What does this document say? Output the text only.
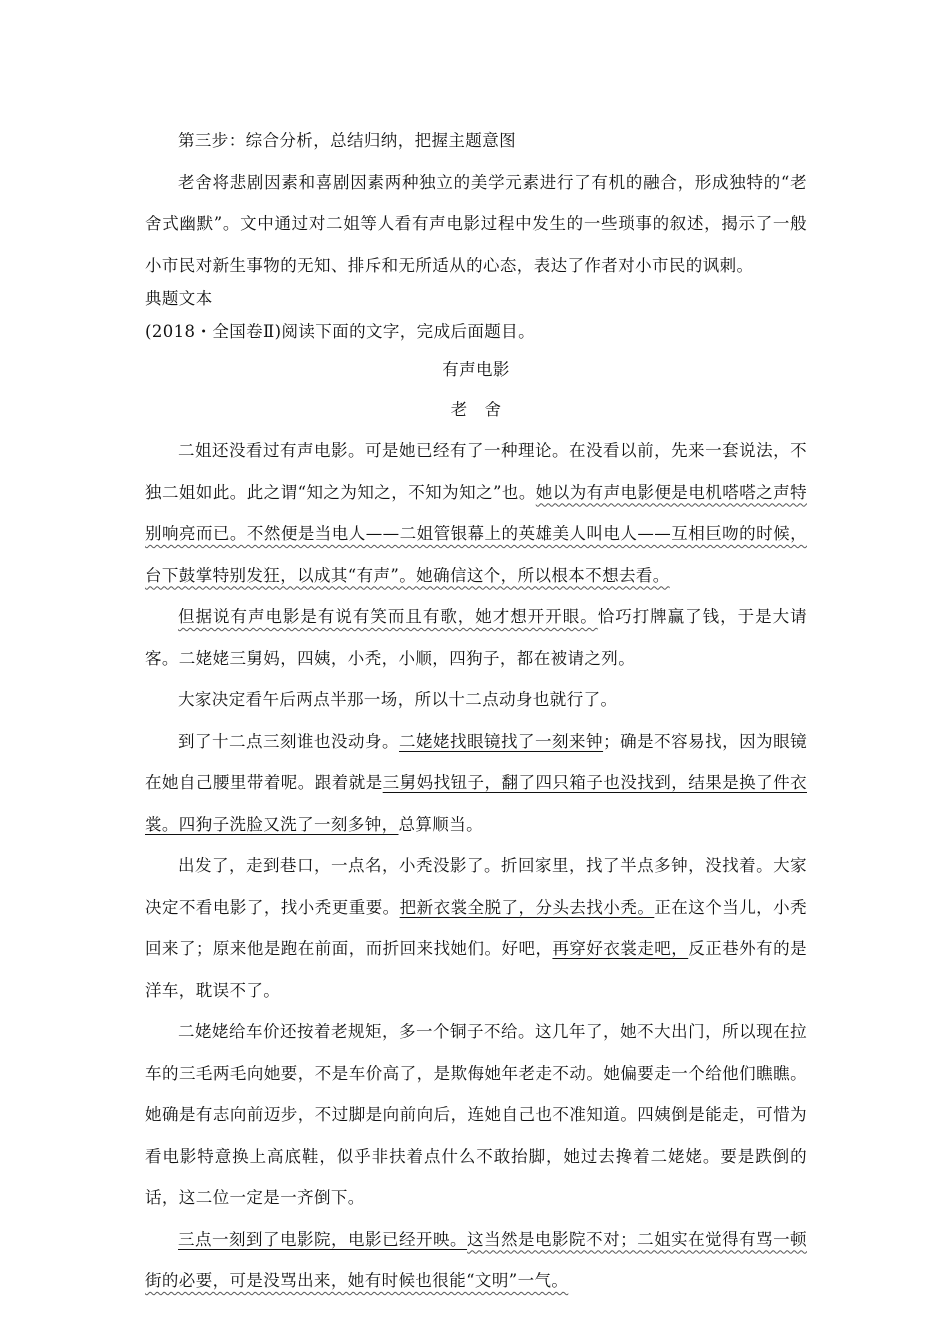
第三步：综合分析，总结归纳，把握主题意图

老舍将悲剧因素和喜剧因素两种独立的美学元素进行了有机的融合，形成独特的“老舍式幽默”。文中通过对二姐等人看有声电影过程中发生的一些琐事的叙述，揭示了一般小市民对新生事物的无知、排斥和无所适从的心态，表达了作者对小市民的讽刺。

典题文本

(2018・全国卷Ⅱ)阅读下面的文字，完成后面题目。

有声电影

老　舍

二姐还没看过有声电影。可是她已经有了一种理论。在没看以前，先来一套说法，不独二姐如此。此之谓“知之为知之，不知为知之”也。她以为有声电影便是电机嗒嗒之声特别响亮而已。不然便是当电人——二姐管银幕上的英雄美人叫电人——互相巨吻的时候，台下鼓掌特别发狂，以成其“有声”。她确信这个，所以根本不想去看。

但据说有声电影是有说有笑而且有歌，她才想开开眼。恰巧打牌赢了钱，于是大请客。二姥姥三舅妈，四姨，小秃，小顺，四狗子，都在被请之列。

大家决定看午后两点半那一场，所以十二点动身也就行了。

到了十二点三刻谁也没动身。二姥姥找眼镜找了一刻来钟；确是不容易找，因为眼镜在她自己腰里带着呢。跟着就是三舅妈找钮子，翻了四只箱子也没找到，结果是换了件衣裳。四狗子洗脸又洗了一刻多钟，总算顺当。

出发了，走到巷口，一点名，小秃没影了。折回家里，找了半点多钟，没找着。大家决定不看电影了，找小秃更重要。把新衣裳全脱了，分头去找小秃。正在这个当儿，小秃回来了；原来他是跑在前面，而折回来找她们。好吧，再穿好衣裳走吧，反正巷外有的是洋车，耽误不了。

二姥姥给车价还按着老规矩，多一个铜子不给。这几年了，她不大出门，所以现在拉车的三毛两毛向她要，不是车价高了，是欺侮她年老走不动。她偏要走一个给他们瞧瞧。她确是有志向前迈步，不过脚是向前向后，连她自己也不准知道。四姨倒是能走，可惜为看电影特意换上高底鞋，似乎非扶着点什么不敢抬脚，她过去搀着二姥姥。要是跌倒的话，这二位一定是一齐倒下。

三点一刻到了电影院，电影已经开映。这当然是电影院不对；二姐实在觉得有骂一顿街的必要，可是没骂出来，她有时候也很能“文明”一气。
